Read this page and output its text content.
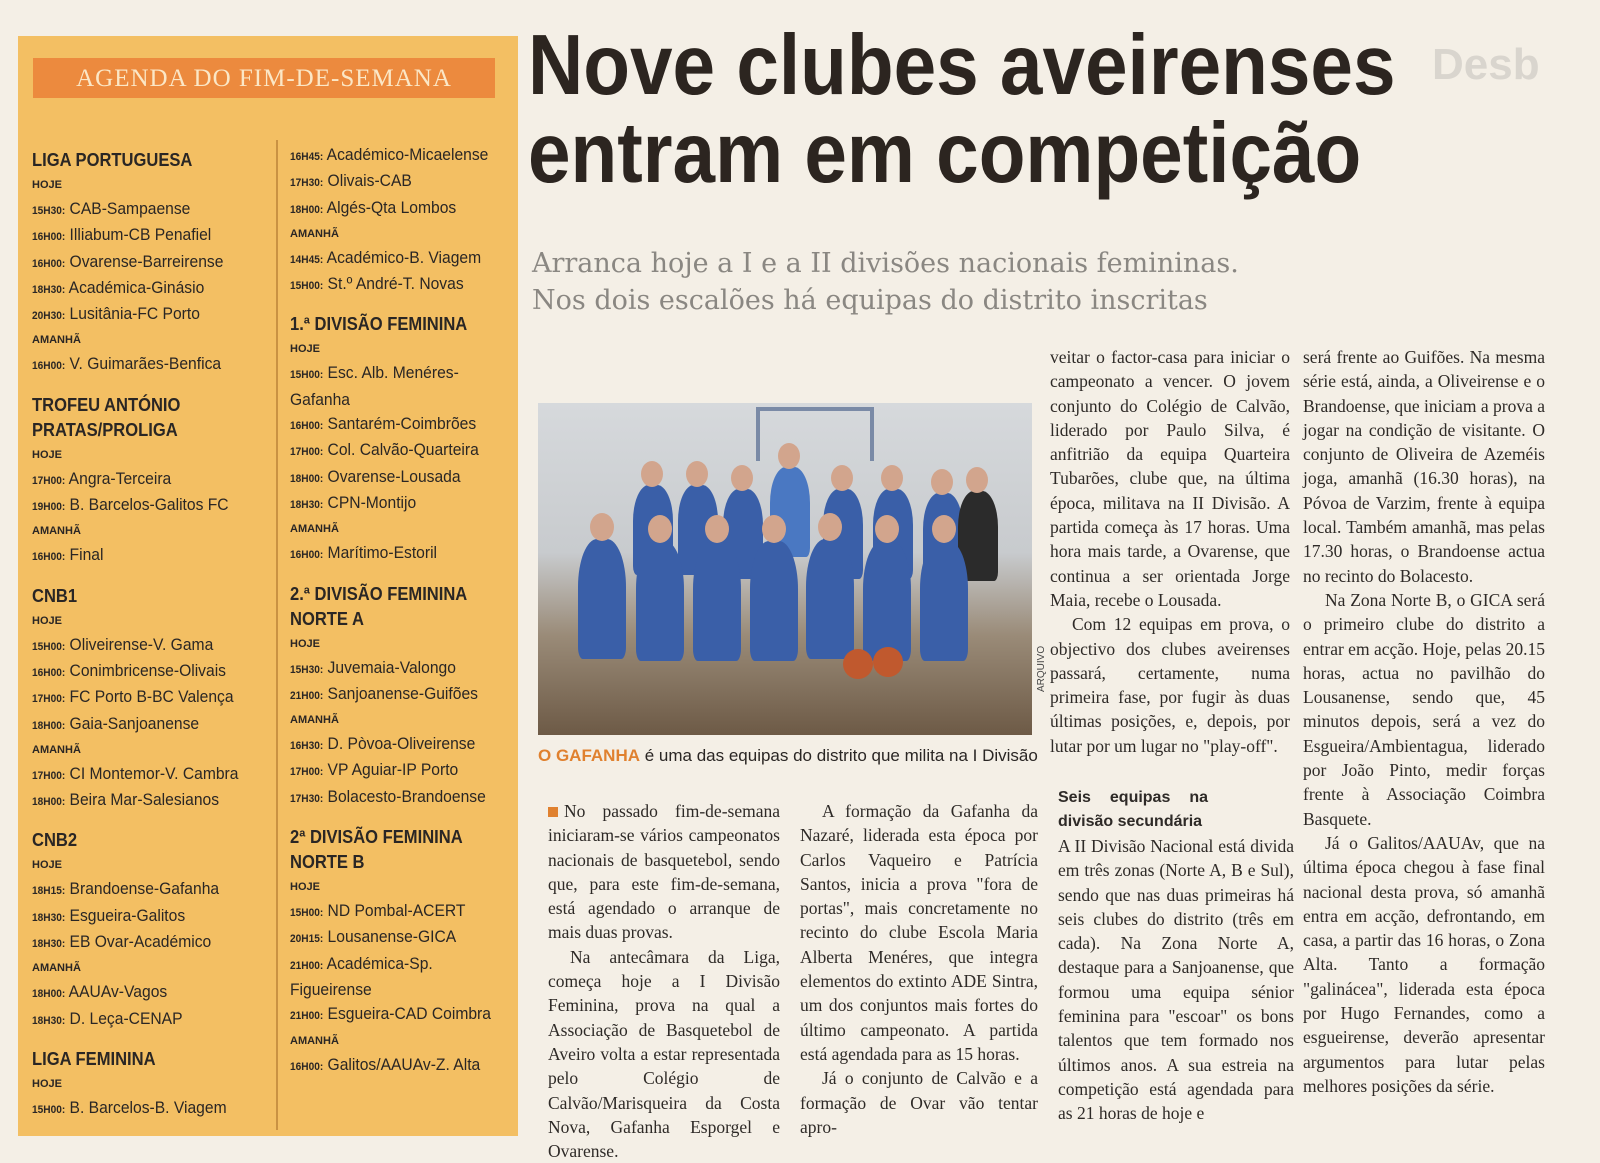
AGENDA DO FIM-DE-SEMANA
LIGA PORTUGUESA
HOJE
15H30: CAB-Sampaense
16H00: Illiabum-CB Penafiel
16H00: Ovarense-Barreirense
18H30: Académica-Ginásio
20H30: Lusitânia-FC Porto
AMANHÃ
16H00: V. Guimarães-Benfica
TROFEU ANTÓNIO
PRATAS/PROLIGA
HOJE
17H00: Angra-Terceira
19H00: B. Barcelos-Galitos FC
AMANHÃ
16H00: Final
CNB1
HOJE
15H00: Oliveirense-V. Gama
16H00: Conimbricense-Olivais
17H00: FC Porto B-BC Valença
18H00: Gaia-Sanjoanense
AMANHÃ
17H00: CI Montemor-V. Cambra
18H00: Beira Mar-Salesianos
CNB2
HOJE
18H15: Brandoense-Gafanha
18H30: Esgueira-Galitos
18H30: EB Ovar-Académico
AMANHÃ
18H00: AAUAv-Vagos
18H30: D. Leça-CENAP
LIGA FEMININA
HOJE
15H00: B. Barcelos-B. Viagem
16H45: Académico-Micaelense
17H30: Olivais-CAB
18H00: Algés-Qta Lombos
AMANHÃ
14H45: Académico-B. Viagem
15H00: St.º André-T. Novas
1.ª DIVISÃO FEMININA
HOJE
15H00: Esc. Alb. Menéres-
Gafanha
16H00: Santarém-Coimbrões
17H00: Col. Calvão-Quarteira
18H00: Ovarense-Lousada
18H30: CPN-Montijo
AMANHÃ
16H00: Marítimo-Estoril
2.ª DIVISÃO FEMININA
NORTE A
HOJE
15H30: Juvemaia-Valongo
21H00: Sanjoanense-Guifões
AMANHÃ
16H30: D. Pòvoa-Oliveirense
17H00: VP Aguiar-IP Porto
17H30: Bolacesto-Brandoense
2ª DIVISÃO FEMININA
NORTE B
HOJE
15H00: ND Pombal-ACERT
20H15: Lousanense-GICA
21H00: Académica-Sp.
Figueirense
21H00: Esgueira-CAD Coimbra
AMANHÃ
16H00: Galitos/AAUAv-Z. Alta
Desb
Nove clubes aveirenses
entram em competição
Arranca hoje a I e a II divisões nacionais femininas.
Nos dois escalões há equipas do distrito inscritas
ARQUIVO
O GAFANHA é uma das equipas do distrito que milita na I Divisão

No passado fim-de-semana iniciaram-se vários campeonatos nacionais de basquetebol, sendo que, para este fim-de-semana, está agendado o arranque de mais duas provas.

Na antecâmara da Liga, começa hoje a I Divisão Feminina, prova na qual a Associação de Basquetebol de Aveiro volta a estar representada pelo Colégio de Calvão/Marisqueira da Costa Nova, Gafanha Esporgel e Ovarense.

A formação da Gafanha da Nazaré, liderada esta época por Carlos Vaqueiro e Patrícia Santos, inicia a prova "fora de portas", mais concretamente no recinto do clube Escola Maria Alberta Menéres, que integra elementos do extinto ADE Sintra, um dos conjuntos mais fortes do último campeonato. A partida está agendada para as 15 horas.

Já o conjunto de Calvão e a formação de Ovar vão tentar apro-

veitar o factor-casa para iniciar o campeonato a vencer. O jovem conjunto do Colégio de Calvão, liderado por Paulo Silva, é anfitrião da equipa Quarteira Tubarões, clube que, na última época, militava na II Divisão. A partida começa às 17 horas. Uma hora mais tarde, a Ovarense, que continua a ser orientada Jorge Maia, recebe o Lousada.

Com 12 equipas em prova, o objectivo dos clubes aveirenses passará, certamente, numa primeira fase, por fugir às duas últimas posições, e, depois, por lutar por um lugar no "play-off".

Seis equipas na divisão secundária

A II Divisão Nacional está divida em três zonas (Norte A, B e Sul), sendo que nas duas primeiras há seis clubes do distrito (três em cada). Na Zona Norte A, destaque para a Sanjoanense, que formou uma equipa sénior feminina para "escoar" os bons talentos que tem formado nos últimos anos. A sua estreia na competição está agendada para as 21 horas de hoje e

será frente ao Guifões. Na mesma série está, ainda, a Oliveirense e o Brandoense, que iniciam a prova a jogar na condição de visitante. O conjunto de Oliveira de Azeméis joga, amanhã (16.30 horas), na Póvoa de Varzim, frente à equipa local. Também amanhã, mas pelas 17.30 horas, o Brandoense actua no recinto do Bolacesto.

Na Zona Norte B, o GICA será o primeiro clube do distrito a entrar em acção. Hoje, pelas 20.15 horas, actua no pavilhão do Lousanense, sendo que, 45 minutos depois, será a vez do Esgueira/Ambientagua, liderado por João Pinto, medir forças frente à Associação Coimbra Basquete.

Já o Galitos/AAUAv, que na última época chegou à fase final nacional desta prova, só amanhã entra em acção, defrontando, em casa, a partir das 16 horas, o Zona Alta. Tanto a formação "galinácea", liderada esta época por Hugo Fernandes, como a esgueirense, deverão apresentar argumentos para lutar pelas melhores posições da série.
